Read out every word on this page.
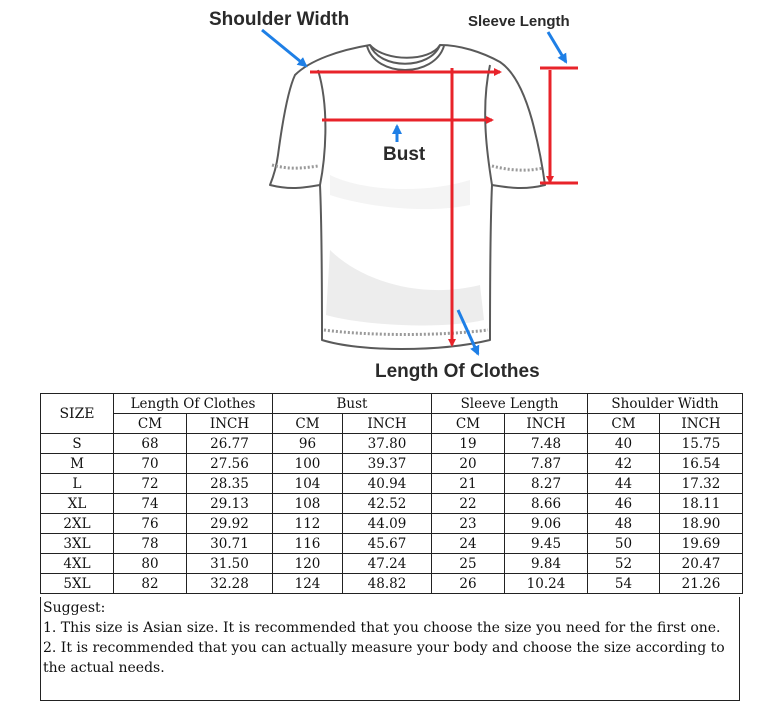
Shoulder Width	Sleeve Length
Bust
Length Of Clothes
SIZE	Length Of Clothes		Bust		Sleeve Length		Shoulder Width	
	CM	INCH	CM	INCH	CM	INCH	CM	INCH
S	68	26.77	96	37.80	19	7.48	40	15.75
M	70	27.56	100	39.37	20	7.87	42	16.54
L	72	28.35	104	40.94	21	8.27	44	17.32
XL	74	29.13	108	42.52	22	8.66	46	18.11
2XL	76	29.92	112	44.09	23	9.06	48	18.90
3XL	78	30.71	116	45.67	24	9.45	50	19.69
4XL	80	31.50	120	47.24	25	9.84	52	20.47
5XL	82	32.28	124	48.82	26	10.24	54	21.26
Suggest:
1. This size is Asian size. It is recommended that you choose the size you need for the first one.
2. It is recommended that you can actually measure your body and choose the size according to the actual needs.
